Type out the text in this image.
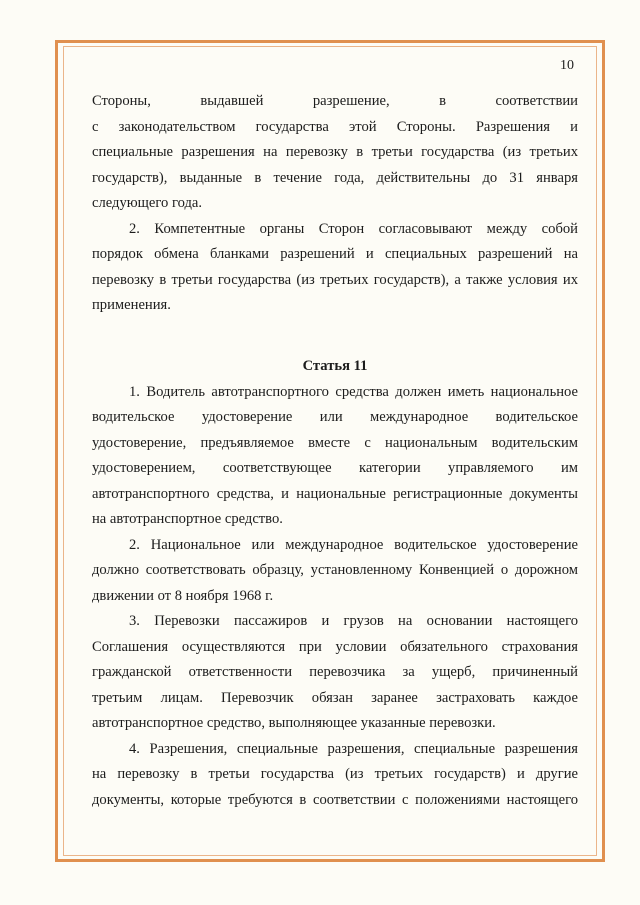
10
Стороны, выдавшей разрешение, в соответствии
с законодательством государства этой Стороны. Разрешения и
специальные разрешения на перевозку в третьи государства (из третьих
государств), выданные в течение года, действительны до 31 января
следующего года.
2. Компетентные органы Сторон согласовывают между собой
порядок обмена бланками разрешений и специальных разрешений на
перевозку в третьи государства (из третьих государств), а также условия их
применения.
Статья 11
1. Водитель автотранспортного средства должен иметь национальное
водительское удостоверение или международное водительское
удостоверение, предъявляемое вместе с национальным водительским
удостоверением, соответствующее категории управляемого им
автотранспортного средства, и национальные регистрационные документы
на автотранспортное средство.
2. Национальное или международное водительское удостоверение
должно соответствовать образцу, установленному Конвенцией о дорожном
движении от 8 ноября 1968 г.
3. Перевозки пассажиров и грузов на основании настоящего
Соглашения осуществляются при условии обязательного страхования
гражданской ответственности перевозчика за ущерб, причиненный
третьим лицам. Перевозчик обязан заранее застраховать каждое
автотранспортное средство, выполняющее указанные перевозки.
4. Разрешения, специальные разрешения, специальные разрешения
на перевозку в третьи государства (из третьих государств) и другие
документы, которые требуются в соответствии с положениями настоящего
